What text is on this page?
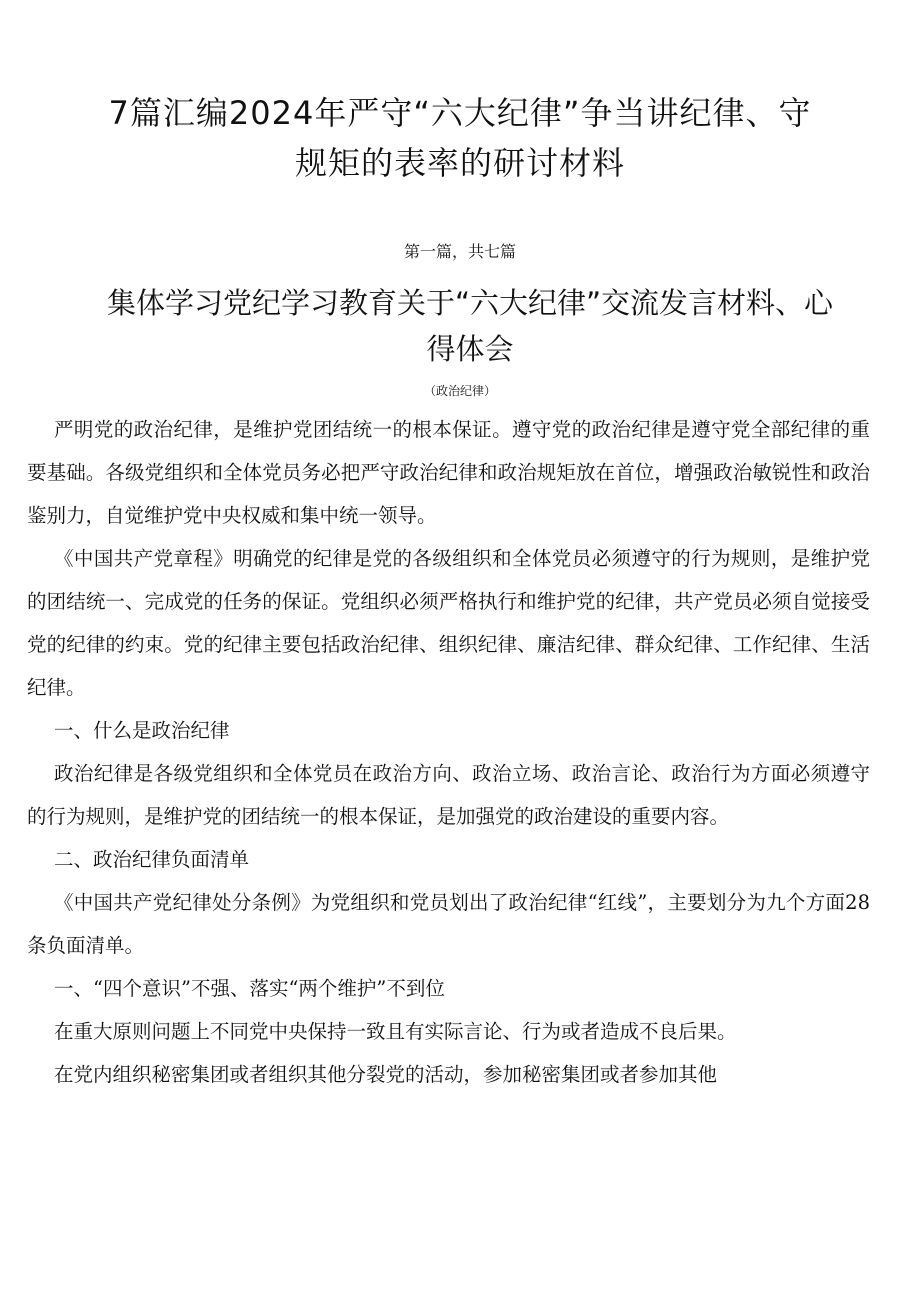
7篇汇编2024年严守“六大纪律”争当讲纪律、守
规矩的表率的研讨材料
第一篇，共七篇
集体学习党纪学习教育关于“六大纪律”交流发言材料、心
得体会
（政治纪律）

严明党的政治纪律，是维护党团结统一的根本保证。遵守党的政治纪律是遵守党全部纪律的重要基础。各级党组织和全体党员务必把严守政治纪律和政治规矩放在首位，增强政治敏锐性和政治鉴别力，自觉维护党中央权威和集中统一领导。

《中国共产党章程》明确党的纪律是党的各级组织和全体党员必须遵守的行为规则，是维护党的团结统一、完成党的任务的保证。党组织必须严格执行和维护党的纪律，共产党员必须自觉接受党的纪律的约束。党的纪律主要包括政治纪律、组织纪律、廉洁纪律、群众纪律、工作纪律、生活纪律。

一、什么是政治纪律

政治纪律是各级党组织和全体党员在政治方向、政治立场、政治言论、政治行为方面必须遵守的行为规则，是维护党的团结统一的根本保证，是加强党的政治建设的重要内容。

二、政治纪律负面清单

《中国共产党纪律处分条例》为党组织和党员划出了政治纪律“红线”，主要划分为九个方面28条负面清单。

一、“四个意识”不强、落实“两个维护”不到位

在重大原则问题上不同党中央保持一致且有实际言论、行为或者造成不良后果。

在党内组织秘密集团或者组织其他分裂党的活动，参加秘密集团或者参加其他
